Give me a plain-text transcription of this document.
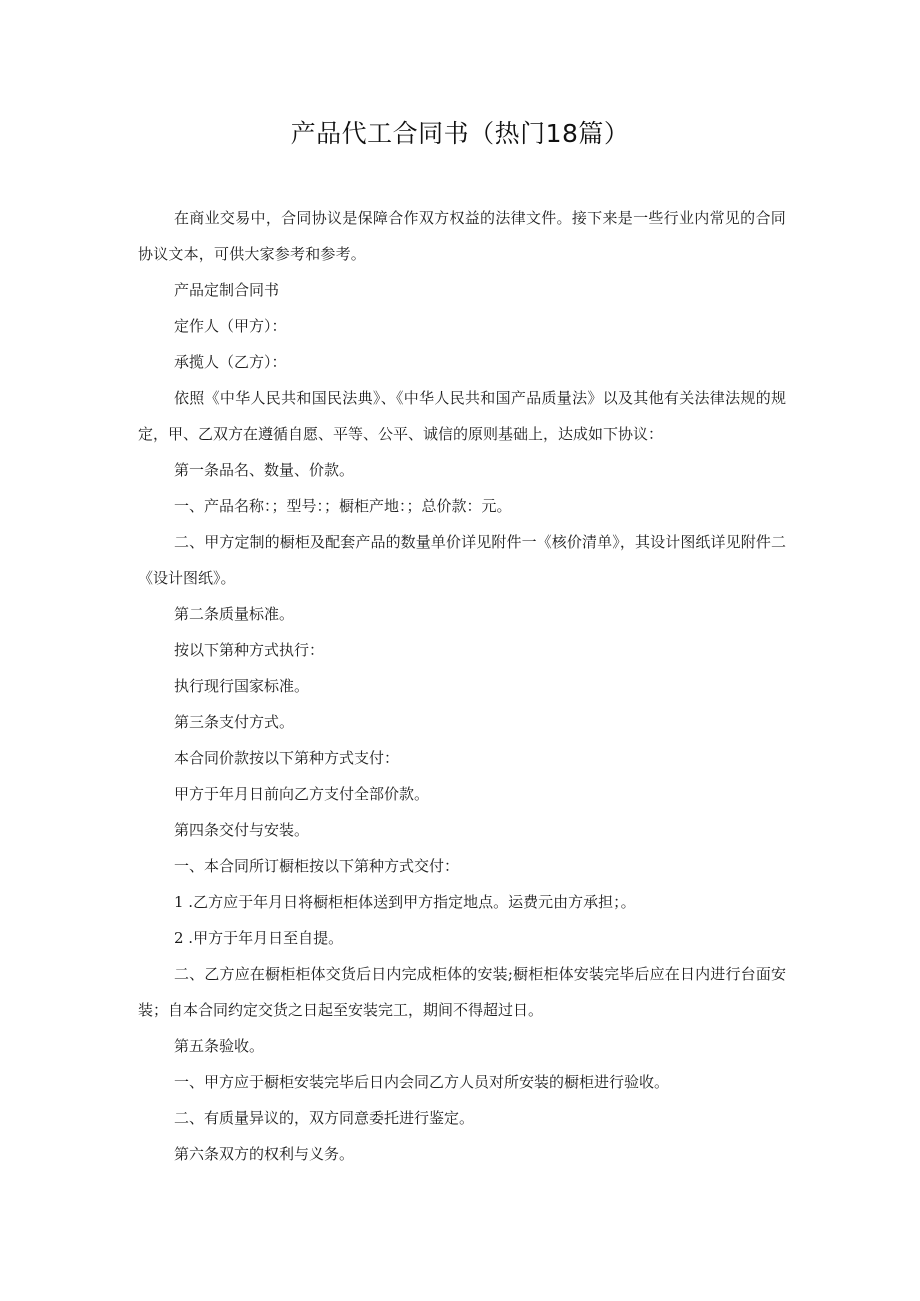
产品代工合同书（热门18篇）

在商业交易中，合同协议是保障合作双方权益的法律文件。接下来是一些行业内常见的合同协议文本，可供大家参考和参考。

产品定制合同书

定作人（甲方）：

承揽人（乙方）：

依照《中华人民共和国民法典》、《中华人民共和国产品质量法》以及其他有关法律法规的规定，甲、乙双方在遵循自愿、平等、公平、诚信的原则基础上，达成如下协议：

第一条品名、数量、价款。

一、产品名称：；型号：；橱柜产地：；总价款：元。

二、甲方定制的橱柜及配套产品的数量单价详见附件一《核价清单》，其设计图纸详见附件二《设计图纸》。

第二条质量标准。

按以下第种方式执行：

执行现行国家标准。

第三条支付方式。

本合同价款按以下第种方式支付：

甲方于年月日前向乙方支付全部价款。

第四条交付与安装。

一、本合同所订橱柜按以下第种方式交付：

1 .乙方应于年月日将橱柜柜体送到甲方指定地点。运费元由方承担；。

2 .甲方于年月日至自提。

二、乙方应在橱柜柜体交货后日内完成柜体的安装;橱柜柜体安装完毕后应在日内进行台面安装；自本合同约定交货之日起至安装完工，期间不得超过日。

第五条验收。

一、甲方应于橱柜安装完毕后日内会同乙方人员对所安装的橱柜进行验收。

二、有质量异议的，双方同意委托进行鉴定。

第六条双方的权利与义务。
